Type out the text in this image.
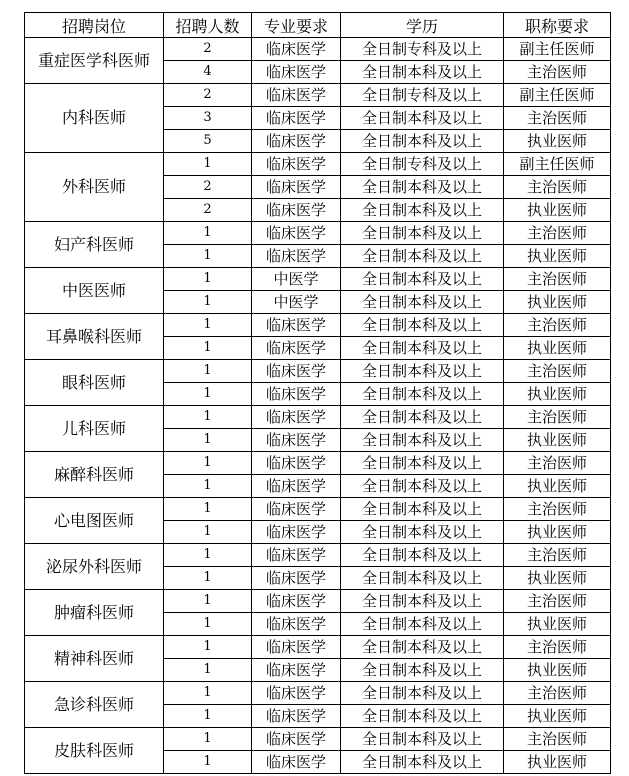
招聘岗位	招聘人数	专业要求	学历	职称要求
重症医学科医师	2	临床医学	全日制专科及以上	副主任医师
	4	临床医学	全日制本科及以上	主治医师
内科医师	2	临床医学	全日制专科及以上	副主任医师
	3	临床医学	全日制本科及以上	主治医师
	5	临床医学	全日制本科及以上	执业医师
外科医师	1	临床医学	全日制专科及以上	副主任医师
	2	临床医学	全日制本科及以上	主治医师
	2	临床医学	全日制本科及以上	执业医师
妇产科医师	1	临床医学	全日制本科及以上	主治医师
	1	临床医学	全日制本科及以上	执业医师
中医医师	1	中医学	全日制本科及以上	主治医师
	1	中医学	全日制本科及以上	执业医师
耳鼻喉科医师	1	临床医学	全日制本科及以上	主治医师
	1	临床医学	全日制本科及以上	执业医师
眼科医师	1	临床医学	全日制本科及以上	主治医师
	1	临床医学	全日制本科及以上	执业医师
儿科医师	1	临床医学	全日制本科及以上	主治医师
	1	临床医学	全日制本科及以上	执业医师
麻醉科医师	1	临床医学	全日制本科及以上	主治医师
	1	临床医学	全日制本科及以上	执业医师
心电图医师	1	临床医学	全日制本科及以上	主治医师
	1	临床医学	全日制本科及以上	执业医师
泌尿外科医师	1	临床医学	全日制本科及以上	主治医师
	1	临床医学	全日制本科及以上	执业医师
肿瘤科医师	1	临床医学	全日制本科及以上	主治医师
	1	临床医学	全日制本科及以上	执业医师
精神科医师	1	临床医学	全日制本科及以上	主治医师
	1	临床医学	全日制本科及以上	执业医师
急诊科医师	1	临床医学	全日制本科及以上	主治医师
	1	临床医学	全日制本科及以上	执业医师
皮肤科医师	1	临床医学	全日制本科及以上	主治医师
	1	临床医学	全日制本科及以上	执业医师
